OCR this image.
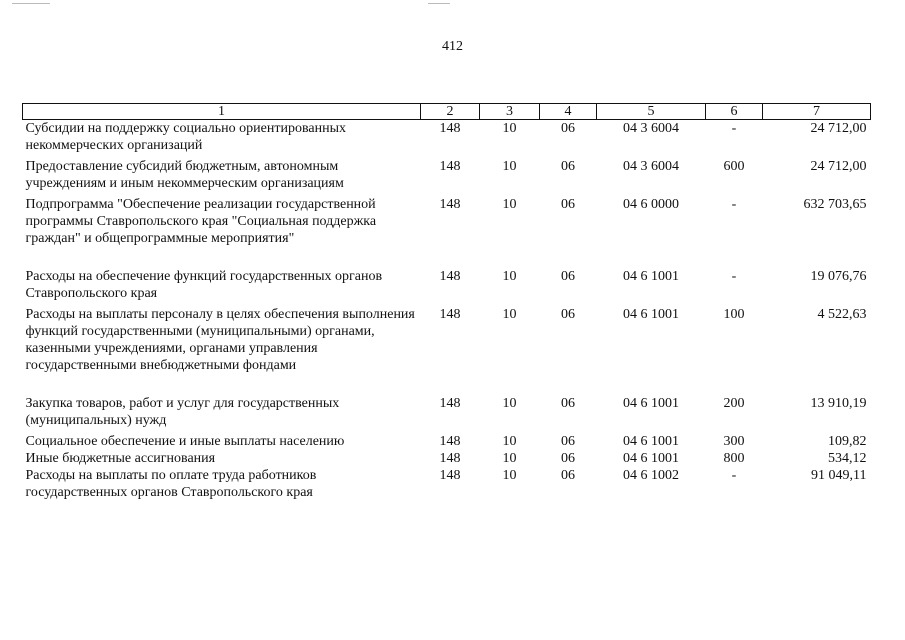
412
1	2	3	4	5	6	7
Субсидии на поддержку социально ориентированных некоммерческих организаций	148	10	06	04 3 6004	-	24 712,00
Предоставление субсидий бюджетным, автономным учреждениям и иным некоммерческим организациям	148	10	06	04 3 6004	600	24 712,00
Подпрограмма "Обеспечение реализации государственной программы Ставропольского края "Социальная поддержка граждан" и общепрограммные мероприятия"	148	10	06	04 6 0000	-	632 703,65
Расходы на обеспечение функций государственных органов Ставропольского края	148	10	06	04 6 1001	-	19 076,76
Расходы на выплаты персоналу в целях обеспечения выполнения функций государственными (муниципальными) органами, казенными учреждениями, органами управления государственными внебюджетными фондами	148	10	06	04 6 1001	100	4 522,63
Закупка товаров, работ и услуг для государственных (муниципальных) нужд	148	10	06	04 6 1001	200	13 910,19
Социальное обеспечение и иные выплаты населению	148	10	06	04 6 1001	300	109,82
Иные бюджетные ассигнования	148	10	06	04 6 1001	800	534,12
Расходы на выплаты по оплате труда работников государственных органов Ставропольского края	148	10	06	04 6 1002	-	91 049,11
